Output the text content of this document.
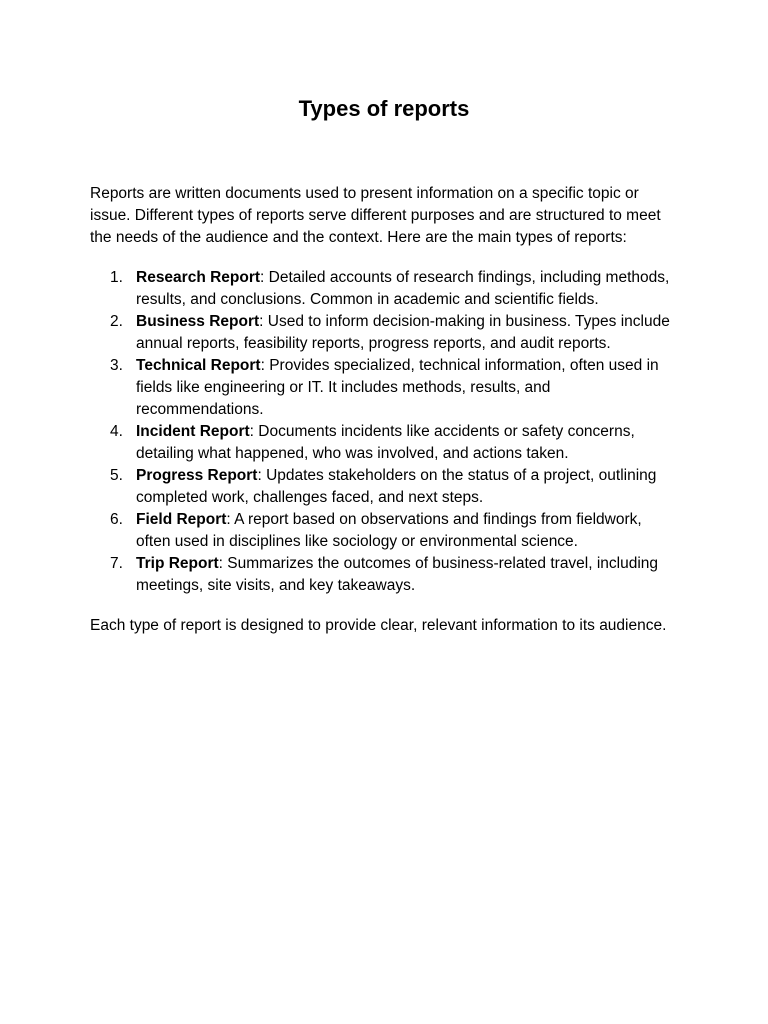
Types of reports

Reports are written documents used to present information on a specific topic or issue. Different types of reports serve different purposes and are structured to meet the needs of the audience and the context. Here are the main types of reports:

1. Research Report: Detailed accounts of research findings, including methods, results, and conclusions. Common in academic and scientific fields.
2. Business Report: Used to inform decision-making in business. Types include annual reports, feasibility reports, progress reports, and audit reports.
3. Technical Report: Provides specialized, technical information, often used in fields like engineering or IT. It includes methods, results, and recommendations.
4. Incident Report: Documents incidents like accidents or safety concerns, detailing what happened, who was involved, and actions taken.
5. Progress Report: Updates stakeholders on the status of a project, outlining completed work, challenges faced, and next steps.
6. Field Report: A report based on observations and findings from fieldwork, often used in disciplines like sociology or environmental science.
7. Trip Report: Summarizes the outcomes of business-related travel, including meetings, site visits, and key takeaways.

Each type of report is designed to provide clear, relevant information to its audience.
